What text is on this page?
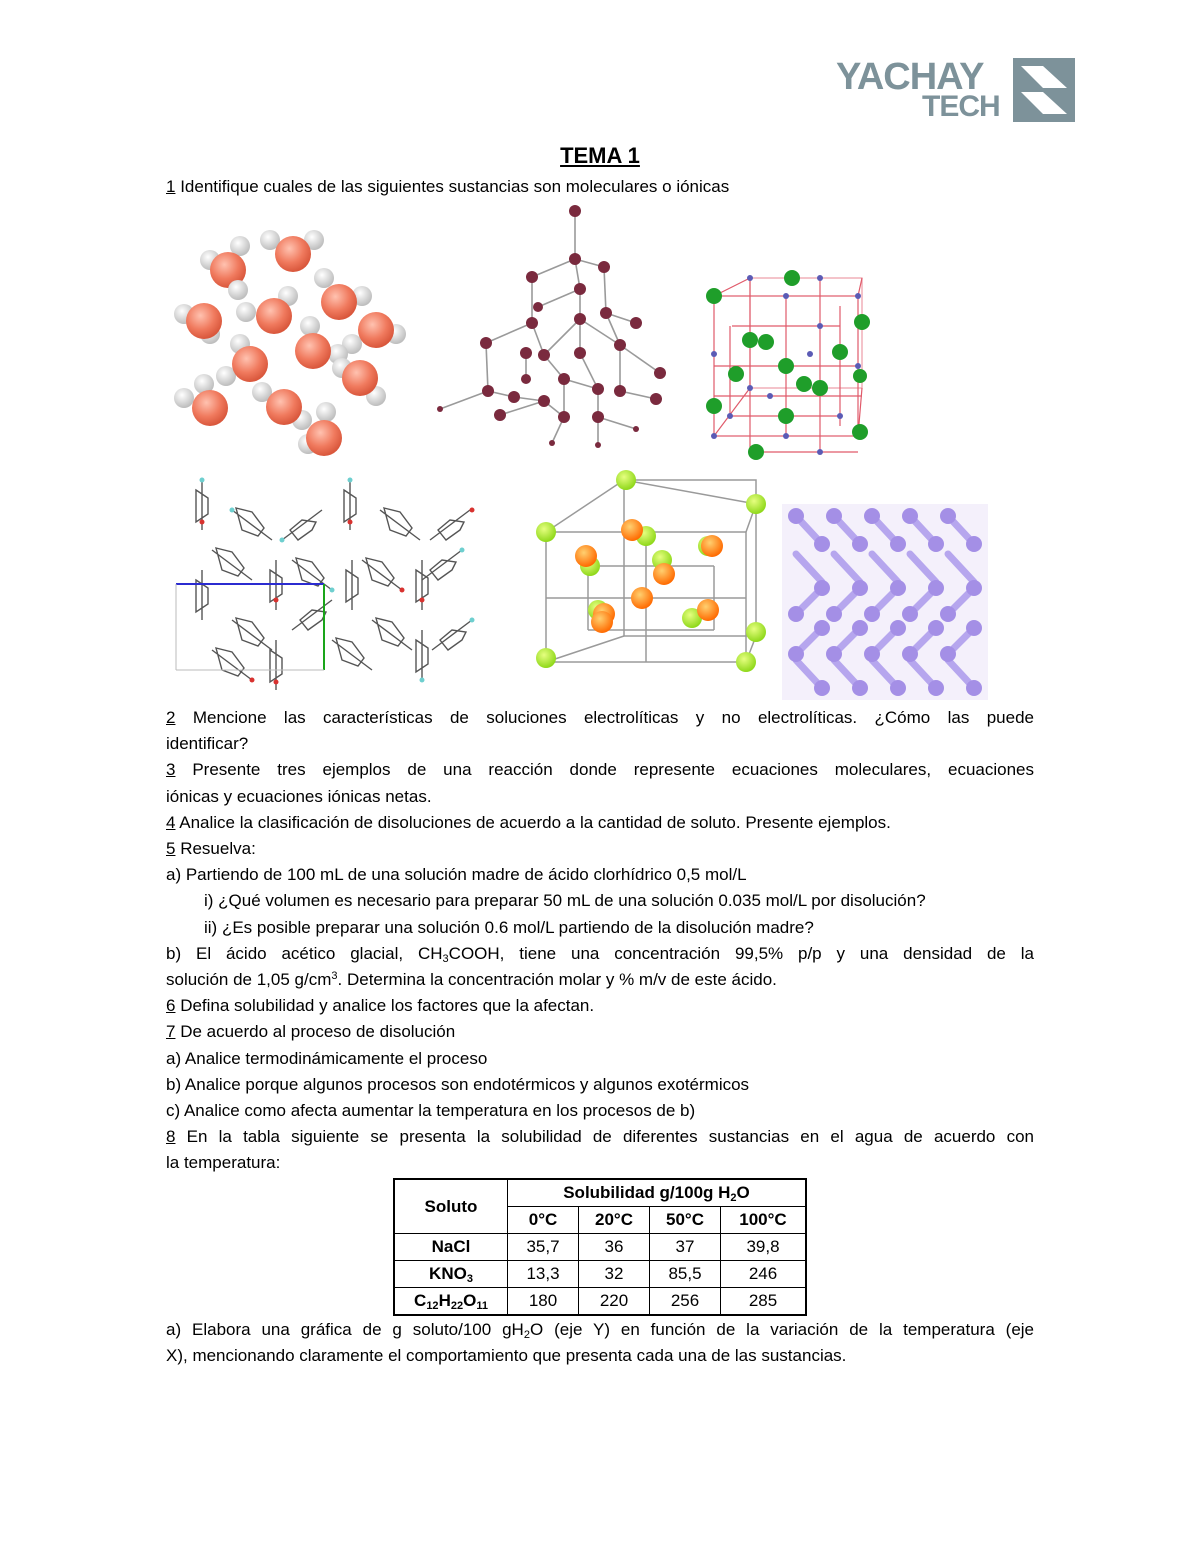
YACHAY
TECH
TEMA 1
1 Identifique cuales de las siguientes sustancias son moleculares o iónicas
2 Mencione las características de soluciones electrolíticas y no electrolíticas. ¿Cómo las puede
identificar?
3 Presente tres ejemplos de una reacción donde represente ecuaciones moleculares, ecuaciones
iónicas y ecuaciones iónicas netas.
4 Analice la clasificación de disoluciones de acuerdo a la cantidad de soluto. Presente ejemplos.
5 Resuelva:
a) Partiendo de 100 mL de una solución madre de ácido clorhídrico 0,5 mol/L
i) ¿Qué volumen es necesario para preparar 50 mL de una solución 0.035 mol/L por disolución?
ii) ¿Es posible preparar una solución 0.6 mol/L partiendo de la disolución madre?
b) El ácido acético glacial, $CH_3COOH$, tiene una concentración 99,5% p/p y una densidad de la
solución de 1,05 $g/cm^3$. Determina la concentración molar y % m/v de este ácido.
6 Defina solubilidad y analice los factores que la afectan.
7 De acuerdo al proceso de disolución
a) Analice termodinámicamente el proceso
b) Analice porque algunos procesos son endotérmicos y algunos exotérmicos
c) Analice como afecta aumentar la temperatura en los procesos de b)
8 En la tabla siguiente se presenta la solubilidad de diferentes sustancias en el agua de acuerdo con
la temperatura:
Soluto	Solubilidad g/100g $H_2O$			
	0°C	20°C	50°C	100°C
NaCl	35,7	36	37	39,8
$KNO_3$	13,3	32	85,5	246
$C_{12}H_{22}O_{11}$	180	220	256	285
a) Elabora una gráfica de g soluto/100 $gH_2O$ (eje Y) en función de la variación de la temperatura (eje
X), mencionando claramente el comportamiento que presenta cada una de las sustancias.
